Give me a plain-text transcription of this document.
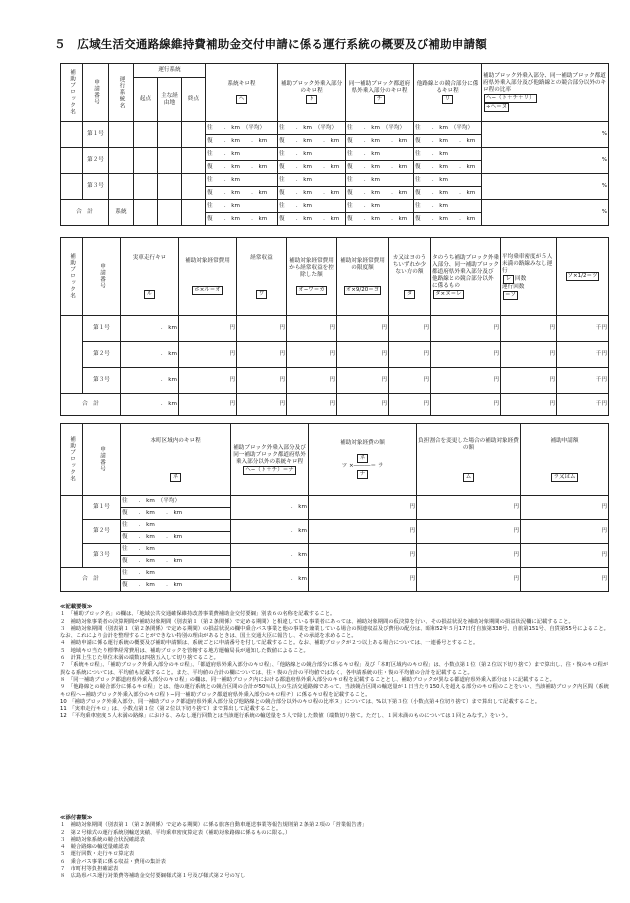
５　広域生活交通路線維持費補助金交付申請に係る運行系統の概要及び補助申請額
補助ブロック名	申請番号	運行系統名	運行系統			系統キロ程

ヘ	補助ブロック外乗入部分のキロ程
ト	同一補助ブロック都道府県外乗入部分のキロ程
チ	他路線との競合部分に係るキロ程
リ	補助ブロック外乗入部分、同一補助ブロック都道府県外乗入部分及び他路線との競合部分以外のキロ程の比率
ヘ−（ト＋チ＋リ）
÷ヘ＝ヌ
			起点	主な経由地	終点					

	第１号					往　　.　km　 （平均）	往　　.　km　 （平均）	往　　.　km　 （平均）	往　　.　km　 （平均）	%
						復　　.　km　　.　km	復　　.　km　　.　km	復　　.　km　　.　km	復　　.　km　　.　km	
	第２号					往　　.　km	往　　.　km	往　　.　km	往　　.　km	%
						復　　.　km　　.　km	復　　.　km　　.　km	復　　.　km　　.　km	復　　.　km　　.　km	
	第３号					往　　.　km	往　　.　km	往　　.　km	往　　.　km	%
						復　　.　km　　.　km	復　　.　km　　.　km	復　　.　km　　.　km	復　　.　km　　.　km	
合　計		系統				往　　.　km	往　　.　km	往　　.　km	往　　.　km	%
						復　　.　km　　.　km	復　　.　km　　.　km	復　　.　km　　.　km	復　　.　km　　.　km	
補助ブロック名	申請番号	実車走行キロ

ル	補助対象経常費用

ホ×ル＝オ	経常収益

ワ	補助対象経常費用から経常収益を控除した額

オ−ワ＝カ	補助対象経常費用の限度額

オ×9/20＝ヨ	カ又はヨのうちいずれか少ない方の額

タ	タのうち補助ブロック外乗入部分、同一補助ブロック都道府県外乗入部分及び他路線との競合部分以外に係るもの
タ×ヌ＝レ	平均乗車密度が５人未満の路線みなし運行
レ 回数
運行回数
＝ソ	ソ×1/2＝ツ
	第１号	.　km	円	円	円	円	円	円	円	千円
	第２号	.　km	円	円	円	円	円	円	円	千円
	第３号	.　km	円	円	円	円	円	円	円	千円
合　計		.　km	円	円	円	円	円	円	円	千円
補助ブロック名	申請番号	本町区域内のキロ程

ネ	補助ブロック外乗入部分及び同一補助ブロック都道府県外乗入部分以外の系統キロ程
ヘ−（ト＋チ）＝ナ	補助対象経費の額

ネ
ツ ×―――＝ ラ
ナ	負担割合を変更した場合の補助対象経費の額

ム	補助申請額

ラ又はム
	第１号	往　　.　km　 （平均）	.　km	円	円	円
		復　　.　km　　.　km				
	第２号	往　　.　km	.　km	円	円	円
		復　　.　km　　.　km				
	第３号	往　　.　km	.　km	円	円	円
		復　　.　km　　.　km				
合　計		往　　.　km	.　km	円	円	円
		復　　.　km　　.　km				

≪記載要領≫

１　「補助ブロック名」の欄は、「地域公共交通確保維持改善事業費補助金交付要綱」別表６の名称を記載すること。

２　補助対象事業者の決算期間が補助対象期間（別表第１（第２条関係）で定める期間）と相違している事業者にあっては、補助対象期間の仮決算を行い、その損益状況を補助対象期間の損益状況欄に記載すること。

３　補助対象期間（別表第１（第２条関係）で定める期間）の損益状況の欄中乗合バス事業と他の事業を兼業している場合の関連収益及び費用の配分は、昭和52年５月17日付自旅第338号、自旅第151号、自貨第55号によること。なお、これにより会計を整理することができない特別の理由があるときは、国土交通大臣に報告し、その承認を求めること。

４　補助申請に係る運行系統の概要及び補助申請額は、系統ごとに申請番号を付して記載すること。なお、補助ブロックが２つ以上ある場合については、一連番号とすること。

５　地域キロ当たり標準経常費用は、補助ブロックを管轄する地方運輸局長が通知した数値によること。

６　計算上生じた単位未満の端数は四捨五入して切り捨てること。

７　「系統キロ程」、「補助ブロック外乗入部分のキロ程」、「都道府県外乗入部分のキロ程」、「他路線との競合部分に係るキロ程」及び「本町区域内のキロ程」は、小数点第１位（第２位以下切り捨て）まで算出し、往・復のキロ程が異なる系統については、平均値も記載すること。また、平均値の合計の欄については、往・復の合計の平均値ではなく、各申請系統の往・復の平均値の合計を記載すること。

８　「同一補助ブロック都道府県外乗入部分のキロ程」の欄は、同一補助ブロック内における都道府県外乗入部分のキロ程を記載することとし、補助ブロックが異なる都道府県外乗入部分はトに記載すること。

９　「他路線との競合部分に係るキロ程」とは、他の運行系統との競合区間の合計が50％以上の生活交通路線であって、当該競合区間の輸送量が１日当たり150人を超える部分のキロ程のことをいい、当該補助ブロック内区間（系統キロ程ヘ−補助ブロック外乗入部分のキロ程ト−同一補助ブロック都道府県外乗入部分のキロ程チ）に係るキロ程を記載すること。

10　「補助ブロック外乗入部分、同一補助ブロック都道府県外乗入部分及び他路線との競合部分以外のキロ程の比率ヌ」については、%以下第３位（小数点第４位切り捨て）まで算出して記載すること。

11　「実車走行キロ」は、小数点第１位（第２位以下切り捨て）まで算出して記載すること。

12　「平均乗車密度５人未満の路線」における、みなし運行回数とは当該運行系統の輸送量を５人で除した数値（端数切り捨て。ただし、１回未満のものについては１回とみなす。）をいう。

≪添付書類≫

１　補助対象期間（別表第１（第２条関係）で定める期間）に係る旅客自動車運送事業等報告規則第２条第２項の「営業報告書」

２　第２号様式の運行系統別輸送実績、平均乗車密度算定表（補助対象路線に係るものに限る。）

３　補助対象系統の競合状況確認表

４　競合路線の輸送量確認表

５　運行回数・走行キロ算定表

６　乗合バス事業に係る収益・費用の集計表

７　市町村等負担確認表

８　広島県バス運行対策費等補助金交付要綱様式第１号及び様式第２号の写し
